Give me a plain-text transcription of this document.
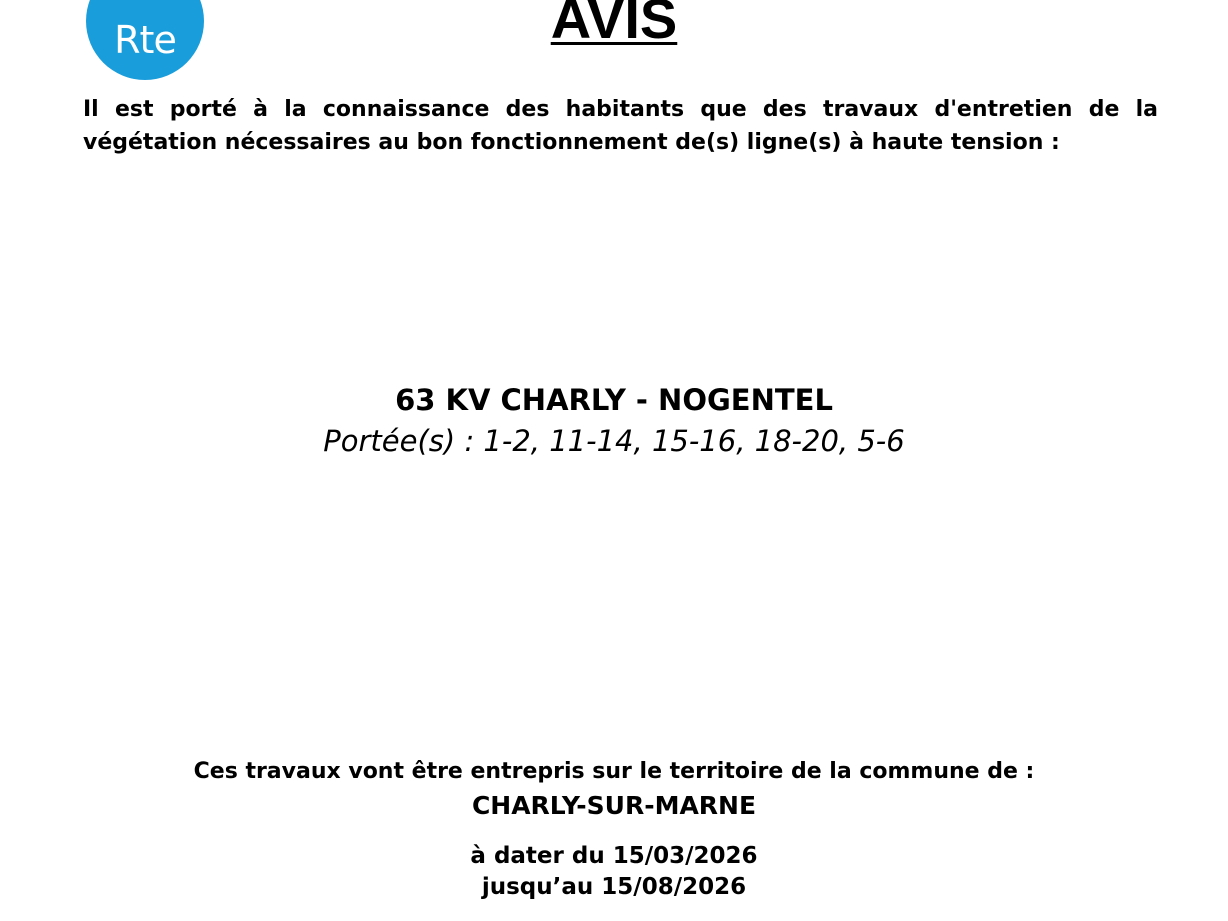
Rte	AVIS
Il est porté à la connaissance des habitants que des travaux d'entretien de la végétation nécessaires au bon fonctionnement de(s) ligne(s) à haute tension :
63 KV CHARLY - NOGENTEL
Portée(s) : 1-2, 11-14, 15-16, 18-20, 5-6
Ces travaux vont être entrepris sur le territoire de la commune de :
CHARLY-SUR-MARNE
à dater du 15/03/2026
jusqu’au 15/08/2026
